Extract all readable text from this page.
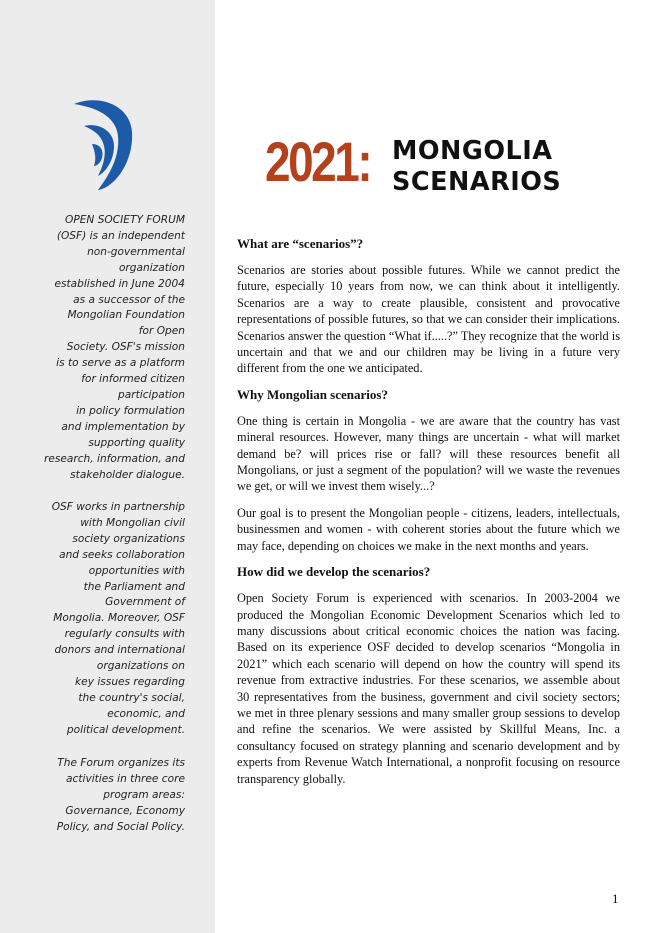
OPEN SOCIETY FORUM
(OSF) is an independent
non-governmental
organization
established in June 2004
as a successor of the
Mongolian Foundation
for Open
Society. OSF's mission
is to serve as a platform
for informed citizen
participation
in policy formulation
and implementation by
supporting quality
research, information, and
stakeholder dialogue.

OSF works in partnership
with Mongolian civil
society organizations
and seeks collaboration
opportunities with
the Parliament and
Government of
Mongolia. Moreover, OSF
regularly consults with
donors and international
organizations on
key issues regarding
the country's social,
economic, and
political development.

The Forum organizes its
activities in three core
program areas:
Governance, Economy
Policy, and Social Policy.

2021: MONGOLIA
SCENARIOS
What are “scenarios”?

Scenarios are stories about possible futures. While we cannot predict the future, especially 10 years from now, we can think about it intelligently. Scenarios are a way to create plausible, consistent and provocative representations of possible futures, so that we can consider their implications. Scenarios answer the question “What if.....?” They recognize that the world is uncertain and that we and our children may be living in a future very different from the one we anticipated.

Why Mongolian scenarios?

One thing is certain in Mongolia - we are aware that the country has vast mineral resources. However, many things are uncertain - what will market demand be? will prices rise or fall? will these resources benefit all Mongolians, or just a segment of the population? will we waste the revenues we get, or will we invest them wisely...?

Our goal is to present the Mongolian people - citizens, leaders, intellectuals, businessmen and women - with coherent stories about the future which we may face, depending on choices we make in the next months and years.

How did we develop the scenarios?

Open Society Forum is experienced with scenarios. In 2003-2004 we produced the Mongolian Economic Development Scenarios which led to many discussions about critical economic choices the nation was facing. Based on its experience OSF decided to develop scenarios “Mongolia in 2021” which each scenario will depend on how the country will spend its revenue from extractive industries. For these scenarios, we assemble about 30 representatives from the business, government and civil society sectors; we met in three plenary sessions and many smaller group sessions to develop and refine the scenarios. We were assisted by Skillful Means, Inc. a consultancy focused on strategy planning and scenario development and by experts from Revenue Watch International, a nonprofit focusing on resource transparency globally.

1
